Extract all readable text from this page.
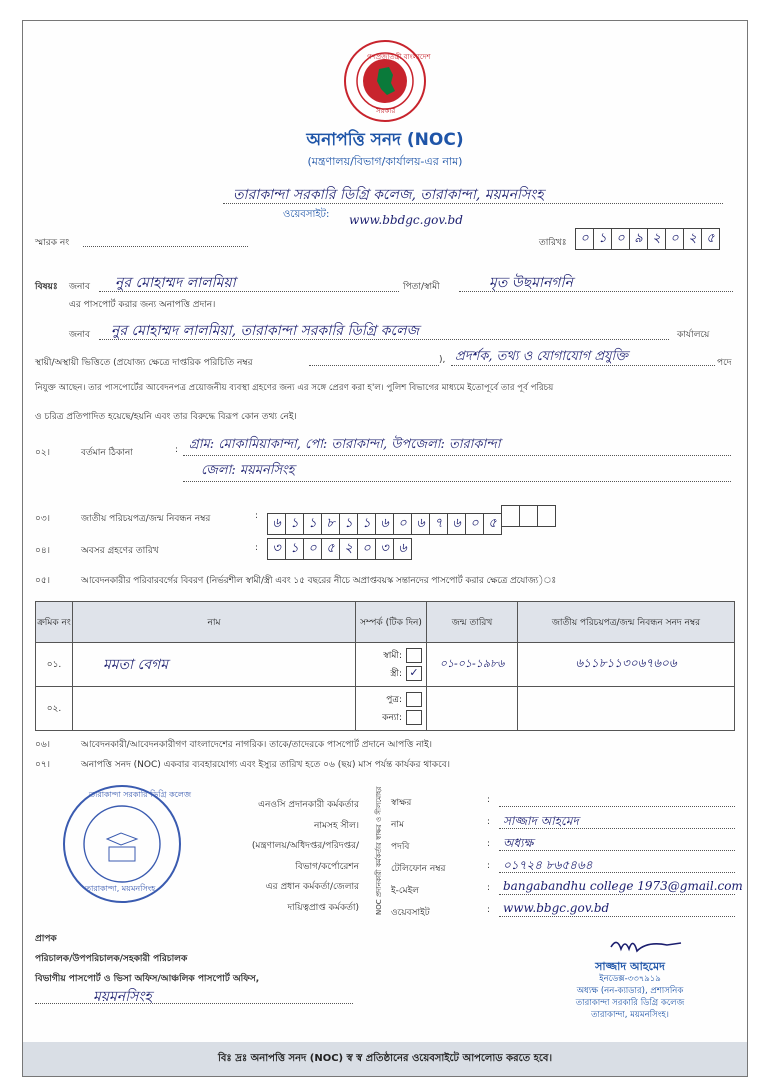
গণপ্রজাতন্ত্রী বাংলাদেশ
সরকার
অনাপত্তি সনদ (NOC)
(মন্ত্রণালয়/বিভাগ/কার্যালয়-এর নাম)
তারাকান্দা সরকারি ডিগ্রি কলেজ, তারাকান্দা, ময়মনসিংহ
ওয়েবসাইট: www.bbdgc.gov.bd
স্মারক নং	তারিখঃ	০ ১ ০ ৯ ২ ০ ২ ৫
বিষয়ঃ জনাব নুর মোহাম্মদ লালমিয়া	পিতা/স্বামী	মৃত উছমানগনি
এর পাসপোর্ট করার জন্য অনাপত্তি প্রদান।
জনাব নুর মোহাম্মদ লালমিয়া, তারাকান্দা সরকারি ডিগ্রি কলেজ	কার্যালয়ে
স্থায়ী/অস্থায়ী ভিত্তিতে (প্রযোজ্য ক্ষেত্রে দাপ্তরিক পরিচিতি নম্বর	), প্রদর্শক, তথ্য ও যোগাযোগ প্রযুক্তি	পদে
নিযুক্ত আছেন। তার পাসপোর্টের আবেদনপত্র প্রয়োজনীয় ব্যবস্থা গ্রহণের জন্য এর সঙ্গে প্রেরণ করা হ'ল। পুলিশ বিভাগের মাধ্যমে ইতোপূর্বে তার পূর্ব পরিচয়
ও চরিত্র প্রতিপাদিত হয়েছে/হয়নি এবং তার বিরুদ্ধে বিরূপ কোন তথ্য নেই।
০২।	বর্তমান ঠিকানা	: গ্রাম: মোকামিয়াকান্দা, পো: তারাকান্দা, উপজেলা: তারাকান্দা
জেলা: ময়মনসিংহ
০৩।	জাতীয় পরিচয়পত্র/জন্ম নিবন্ধন নম্বর	:	৬ ১ ১ ৮ ১ ১ ৬ ০ ৬ ৭ ৬ ০ ৫
০৪।	অবসর গ্রহণের তারিখ	:	৩ ১ ০ ৫ ২ ০ ৩ ৬
০৫।	আবেদনকারীর পরিবারবর্গের বিবরণ (নির্ভরশীল স্বামী/স্ত্রী এবং ১৫ বছরের নীচে অপ্রাপ্তবয়স্ক সন্তানদের পাসপোর্ট করার ক্ষেত্রে প্রযোজ্য)ঃ
ক্রমিক নং	নাম	সম্পর্ক (টিক দিন)	জন্ম তারিখ	জাতীয় পরিচয়পত্র/জন্ম নিবন্ধন সনদ নম্বর
০১.	মমতা বেগম	স্বামী:
স্ত্রী: ✓	০১-০১-১৯৮৬	৬১১৮১১৩০৬৭৬০৬
০২.		পুত্র:
কন্যা:		
০৬।	আবেদনকারী/আবেদনকারীগণ বাংলাদেশের নাগরিক। তাকে/তাদেরকে পাসপোর্ট প্রদানে আপত্তি নাই।
০৭।	অনাপত্তি সনদ (NOC) একবার ব্যবহারযোগ্য এবং ইস্যুর তারিখ হতে ০৬ (ছয়) মাস পর্যন্ত কার্যকর থাকবে।
তারাকান্দা সরকারি ডিগ্রি কলেজ
তারাকান্দা, ময়মনসিংহ
এনওসি প্রদানকারী কর্মকর্তার
নামসহ সীল।
(মন্ত্রণালয়/অধিদপ্তর/পরিদপ্তর/
বিভাগ/কর্পোরেশন
এর প্রধান কর্মকর্তা/জেলার
দায়িত্বপ্রাপ্ত কর্মকর্তা) NOC প্রদানকারী কর্মকর্তার স্বাক্ষর ও সীলমোহর স্বাক্ষর	:
নাম	: সাজ্জাদ আহমেদ
পদবি	: অধ্যক্ষ
টেলিফোন নম্বর	: ০১৭২৪ ৮৬৫৪৬৪
ই-মেইল	: bangabandhu college 1973@gmail.com
ওয়েবসাইট	: www.bbgc.gov.bd
প্রাপক
পরিচালক/উপপরিচালক/সহকারী পরিচালক
বিভাগীয় পাসপোর্ট ও ভিসা অফিস/আঞ্চলিক পাসপোর্ট অফিস,
ময়মনসিংহ
সাজ্জাদ আহমেদ
ইনডেক্স-৩৩৭৯১৯
অধ্যক্ষ (নন-ক্যাডার), প্রশাসনিক
তারাকান্দা সরকারি ডিগ্রি কলেজ
তারাকান্দা, ময়মনসিংহ।
বিঃ দ্রঃ অনাপত্তি সনদ (NOC) স্ব স্ব প্রতিষ্ঠানের ওয়েবসাইটে আপলোড করতে হবে।
